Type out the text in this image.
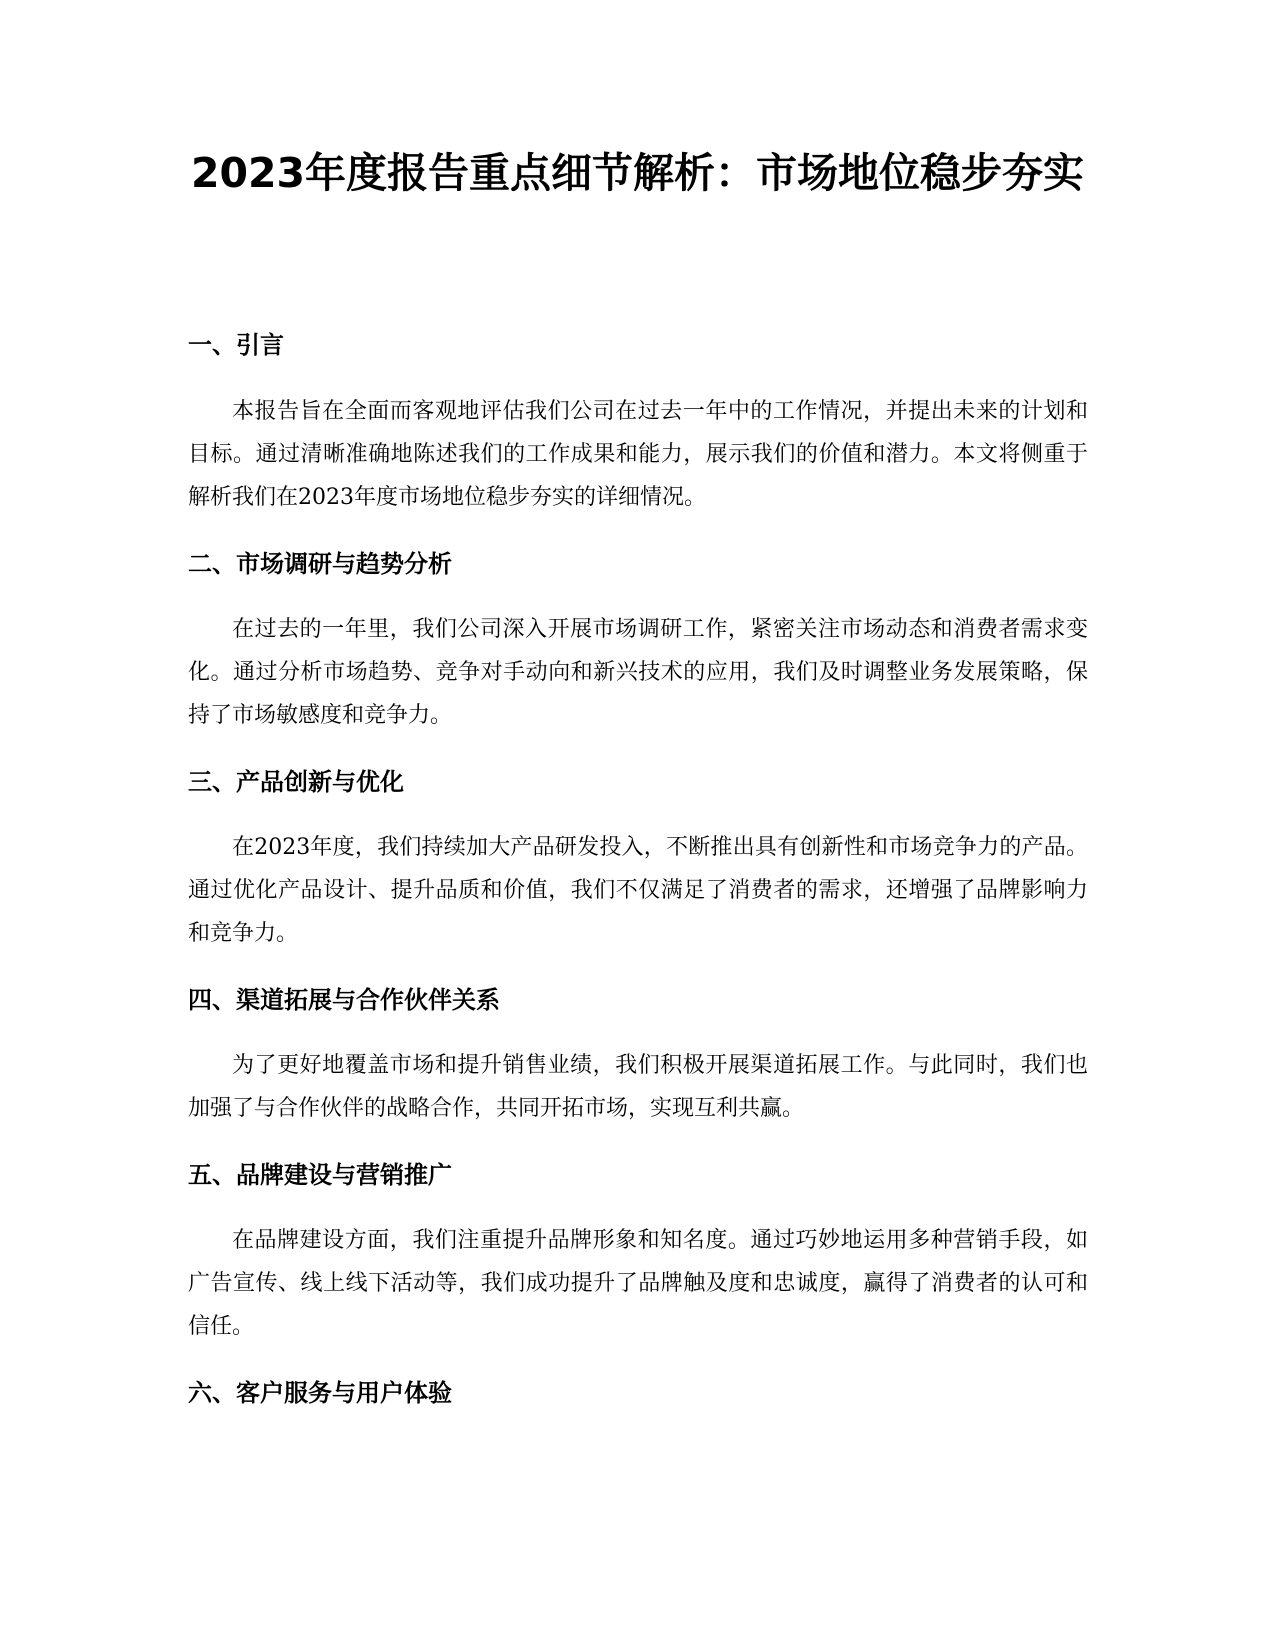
2023年度报告重点细节解析：市场地位稳步夯实
一、引言

本报告旨在全面而客观地评估我们公司在过去一年中的工作情况，并提出未来的计划和目标。通过清晰准确地陈述我们的工作成果和能力，展示我们的价值和潜力。本文将侧重于解析我们在2023年度市场地位稳步夯实的详细情况。

二、市场调研与趋势分析

在过去的一年里，我们公司深入开展市场调研工作，紧密关注市场动态和消费者需求变化。通过分析市场趋势、竞争对手动向和新兴技术的应用，我们及时调整业务发展策略，保持了市场敏感度和竞争力。

三、产品创新与优化

在2023年度，我们持续加大产品研发投入，不断推出具有创新性和市场竞争力的产品。通过优化产品设计、提升品质和价值，我们不仅满足了消费者的需求，还增强了品牌影响力和竞争力。

四、渠道拓展与合作伙伴关系

为了更好地覆盖市场和提升销售业绩，我们积极开展渠道拓展工作。与此同时，我们也加强了与合作伙伴的战略合作，共同开拓市场，实现互利共赢。

五、品牌建设与营销推广

在品牌建设方面，我们注重提升品牌形象和知名度。通过巧妙地运用多种营销手段，如广告宣传、线上线下活动等，我们成功提升了品牌触及度和忠诚度，赢得了消费者的认可和信任。

六、客户服务与用户体验
